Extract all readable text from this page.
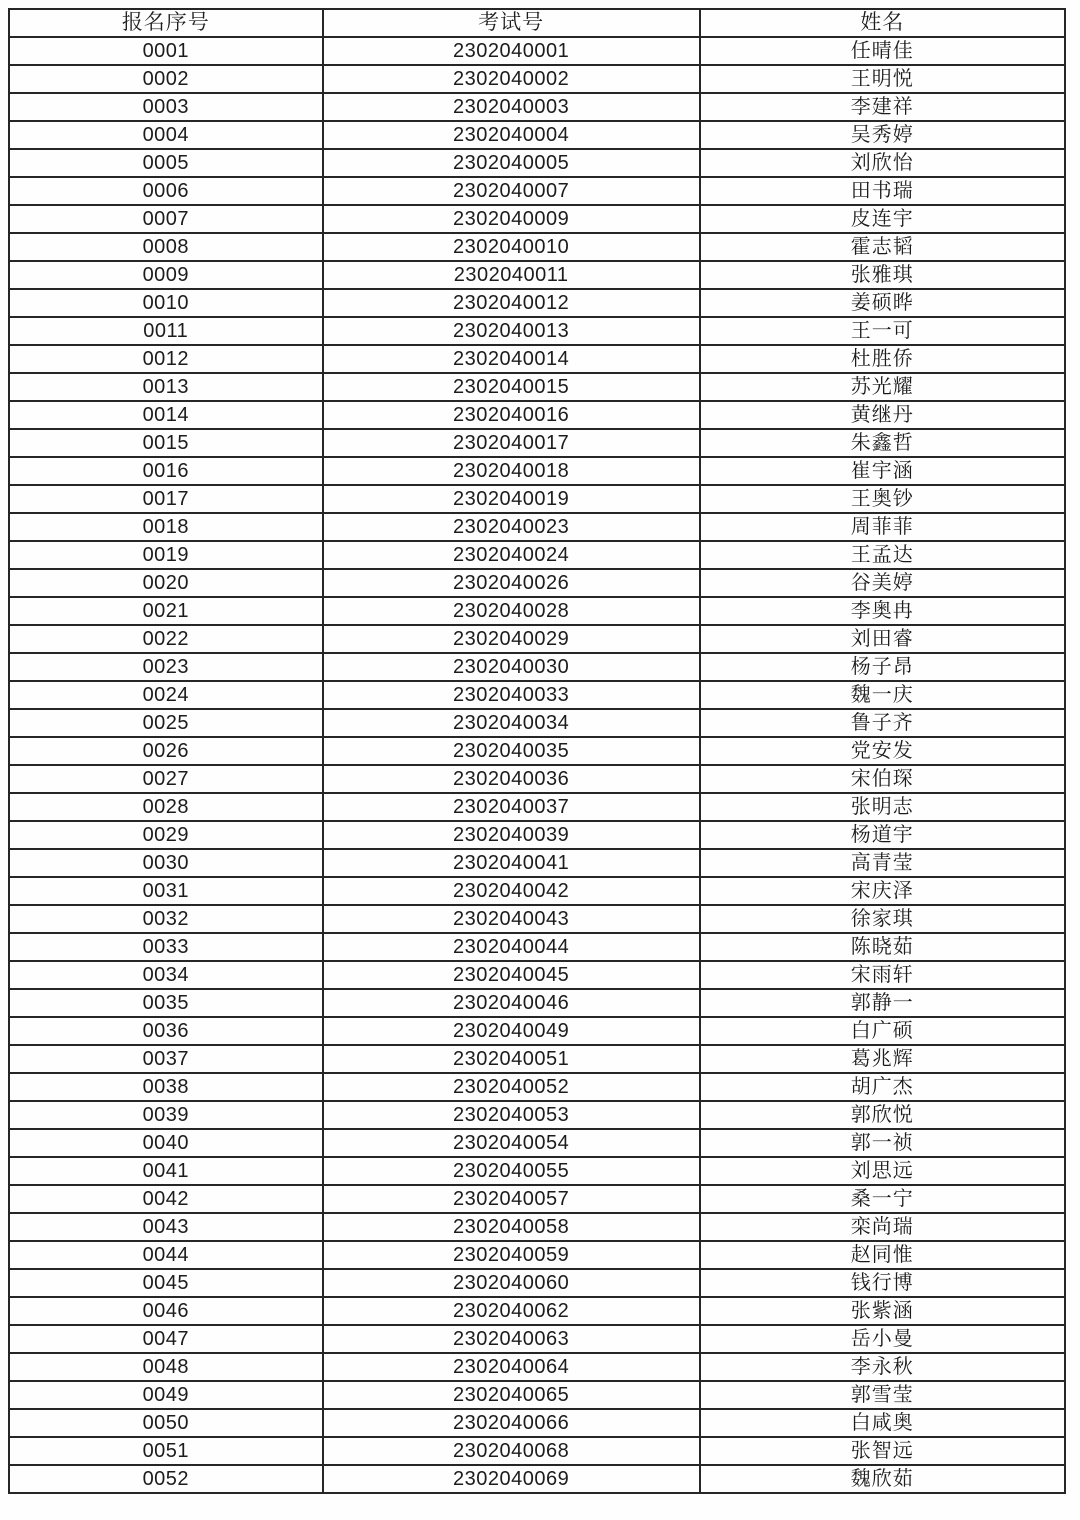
报名序号	考试号	姓名
0001	2302040001	任晴佳
0002	2302040002	王明悦
0003	2302040003	李建祥
0004	2302040004	吴秀婷
0005	2302040005	刘欣怡
0006	2302040007	田书瑞
0007	2302040009	皮连宇
0008	2302040010	霍志韬
0009	2302040011	张雅琪
0010	2302040012	姜硕晔
0011	2302040013	王一可
0012	2302040014	杜胜侨
0013	2302040015	苏光耀
0014	2302040016	黄继丹
0015	2302040017	朱鑫哲
0016	2302040018	崔宇涵
0017	2302040019	王奥钞
0018	2302040023	周菲菲
0019	2302040024	王孟达
0020	2302040026	谷美婷
0021	2302040028	李奥冉
0022	2302040029	刘田睿
0023	2302040030	杨子昂
0024	2302040033	魏一庆
0025	2302040034	鲁子齐
0026	2302040035	党安发
0027	2302040036	宋伯琛
0028	2302040037	张明志
0029	2302040039	杨道宇
0030	2302040041	高青莹
0031	2302040042	宋庆泽
0032	2302040043	徐家琪
0033	2302040044	陈晓茹
0034	2302040045	宋雨轩
0035	2302040046	郭静一
0036	2302040049	白广硕
0037	2302040051	葛兆辉
0038	2302040052	胡广杰
0039	2302040053	郭欣悦
0040	2302040054	郭一祯
0041	2302040055	刘思远
0042	2302040057	桑一宁
0043	2302040058	栾尚瑞
0044	2302040059	赵同惟
0045	2302040060	钱行博
0046	2302040062	张紫涵
0047	2302040063	岳小曼
0048	2302040064	李永秋
0049	2302040065	郭雪莹
0050	2302040066	白咸奥
0051	2302040068	张智远
0052	2302040069	魏欣茹
